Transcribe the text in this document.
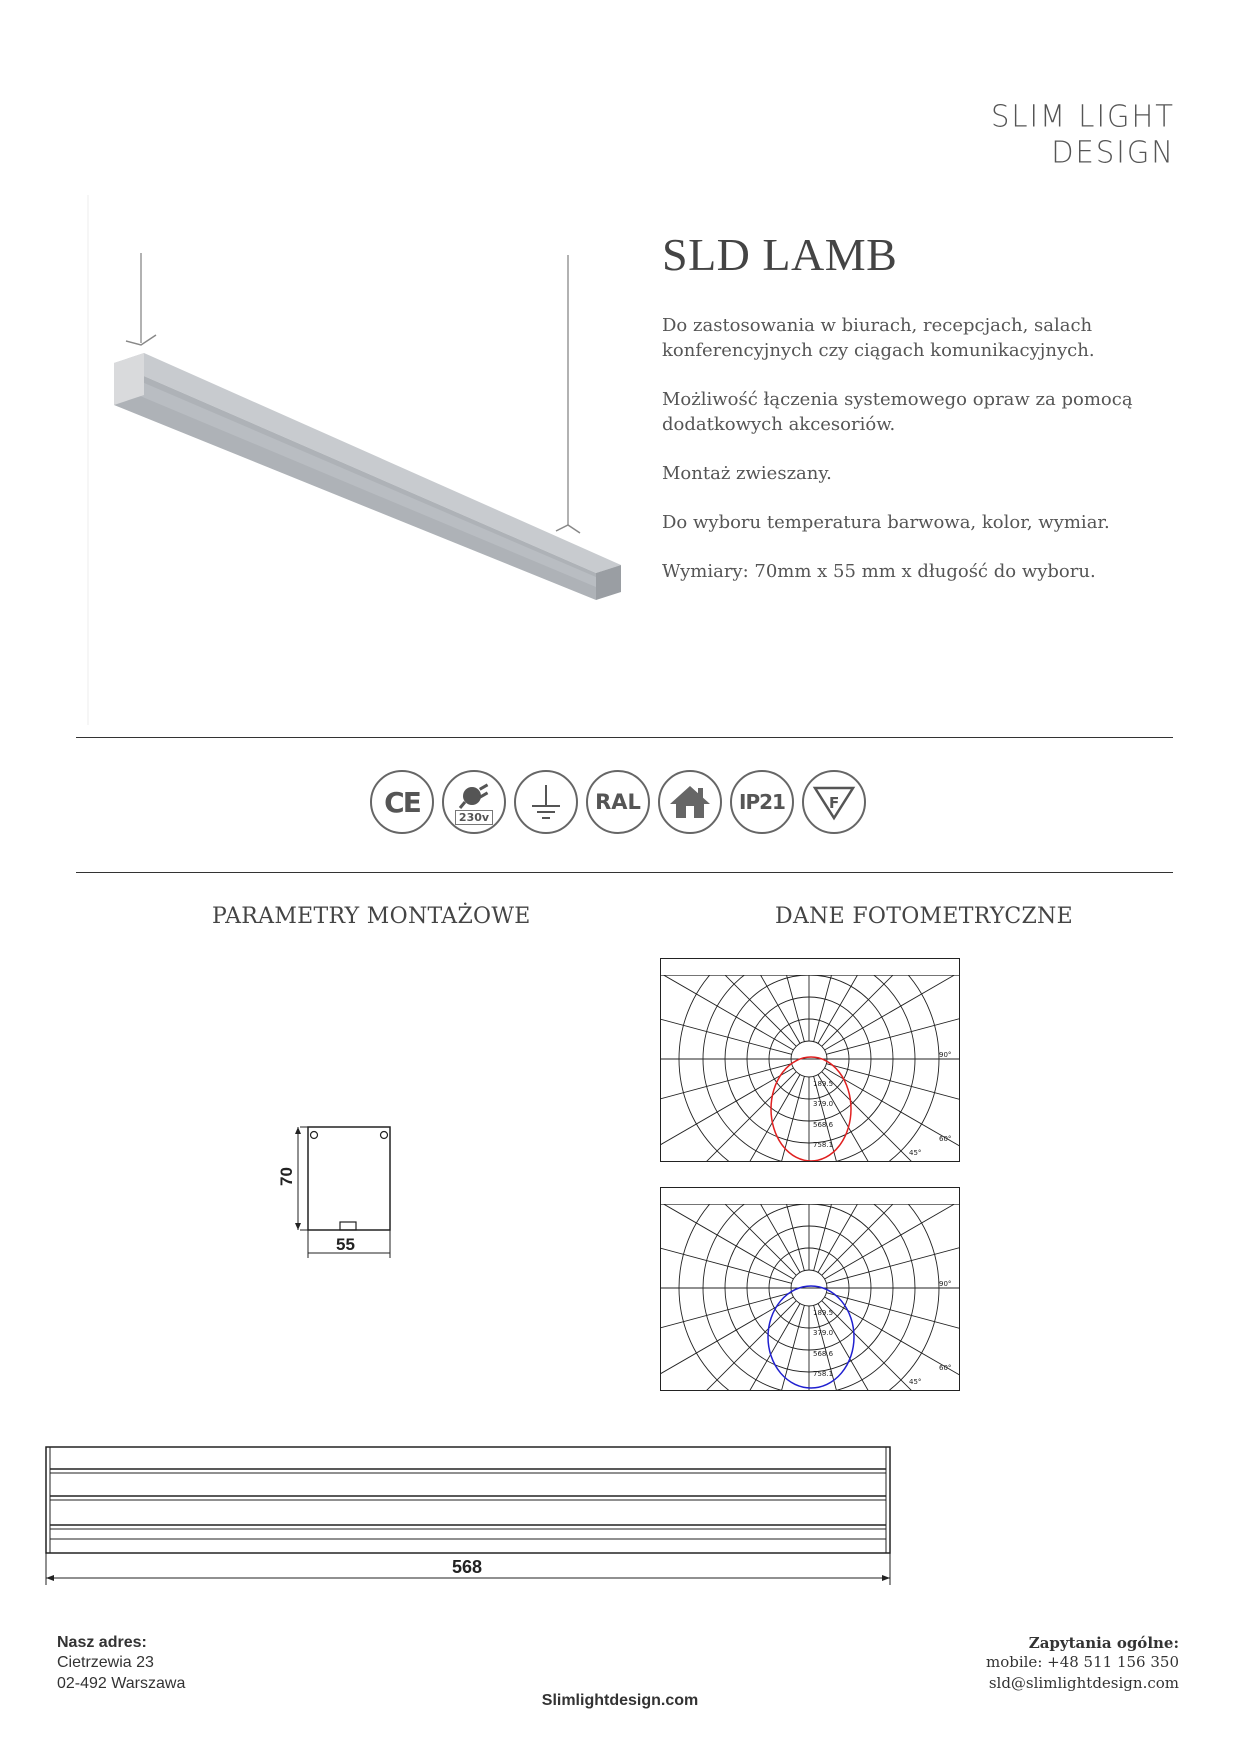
SLIM LIGHT DESIGN
SLD LAMB

Do zastosowania w biurach, recepcjach, salach konferencyjnych czy ciągach komunikacyjnych.

Możliwość łączenia systemowego opraw za pomocą dodatkowych akcesoriów.

Montaż zwieszany.

Do wyboru temperatura barwowa, kolor, wymiar.

Wymiary: 70mm x 55 mm x długość do wyboru.

CE	230v
RAL	IP21	F
PARAMETRY MONTAŻOWE	DANE FOTOMETRYCZNE
70
55
189.5
379.0
568.6
758.1
90°
60°
45°
189.5
379.0
568.6
758.1
90°
60°
45°
568
Nasz adres:
Cietrzewia 23
02-492 Warszawa
Slimlightdesign.com
Zapytania ogólne:
mobile: +48 511 156 350
sld@slimlightdesign.com
